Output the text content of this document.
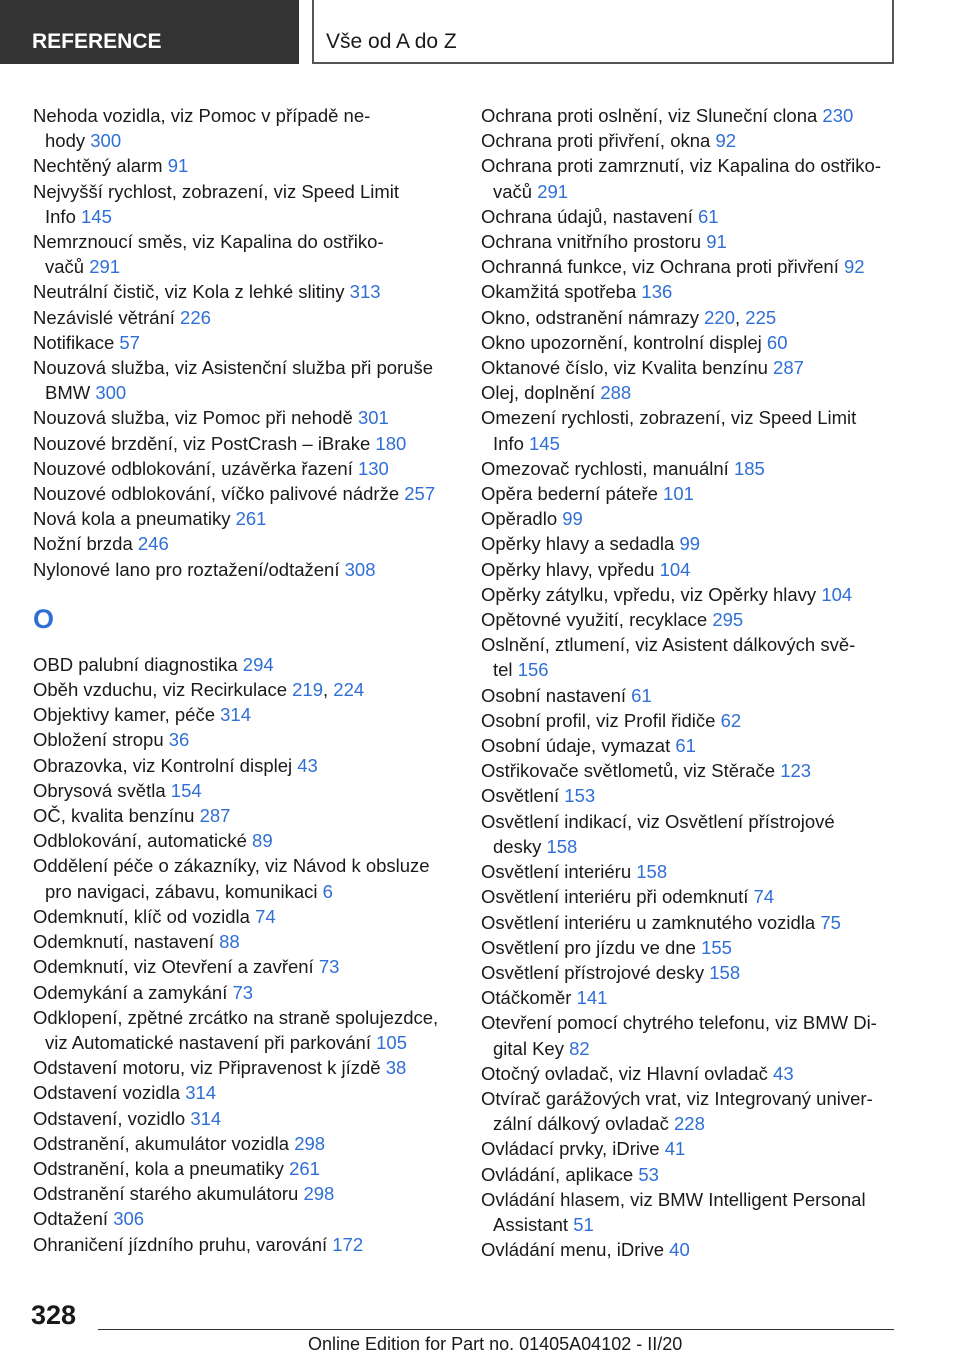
REFERENCE	Vše od A do Z
Nehoda vozidla, viz Pomoc v případě ne-
hody 300
Nechtěný alarm 91
Nejvyšší rychlost, zobrazení, viz Speed Limit
Info 145
Nemrznoucí směs, viz Kapalina do ostřiko-
vačů 291
Neutrální čistič, viz Kola z lehké slitiny 313
Nezávislé větrání 226
Notifikace 57
Nouzová služba, viz Asistenční služba při poruše
BMW 300
Nouzová služba, viz Pomoc při nehodě 301
Nouzové brzdění, viz PostCrash – iBrake 180
Nouzové odblokování, uzávěrka řazení 130
Nouzové odblokování, víčko palivové nádrže 257
Nová kola a pneumatiky 261
Nožní brzda 246
Nylonové lano pro roztažení/odtažení 308
O
OBD palubní diagnostika 294
Oběh vzduchu, viz Recirkulace 219, 224
Objektivy kamer, péče 314
Obložení stropu 36
Obrazovka, viz Kontrolní displej 43
Obrysová světla 154
OČ, kvalita benzínu 287
Odblokování, automatické 89
Oddělení péče o zákazníky, viz Návod k obsluze
pro navigaci, zábavu, komunikaci 6
Odemknutí, klíč od vozidla 74
Odemknutí, nastavení 88
Odemknutí, viz Otevření a zavření 73
Odemykání a zamykání 73
Odklopení, zpětné zrcátko na straně spolujezdce,
viz Automatické nastavení při parkování 105
Odstavení motoru, viz Připravenost k jízdě 38
Odstavení vozidla 314
Odstavení, vozidlo 314
Odstranění, akumulátor vozidla 298
Odstranění, kola a pneumatiky 261
Odstranění starého akumulátoru 298
Odtažení 306
Ohraničení jízdního pruhu, varování 172
Ochrana proti oslnění, viz Sluneční clona 230
Ochrana proti přivření, okna 92
Ochrana proti zamrznutí, viz Kapalina do ostřiko-
vačů 291
Ochrana údajů, nastavení 61
Ochrana vnitřního prostoru 91
Ochranná funkce, viz Ochrana proti přivření 92
Okamžitá spotřeba 136
Okno, odstranění námrazy 220, 225
Okno upozornění, kontrolní displej 60
Oktanové číslo, viz Kvalita benzínu 287
Olej, doplnění 288
Omezení rychlosti, zobrazení, viz Speed Limit
Info 145
Omezovač rychlosti, manuální 185
Opěra bederní páteře 101
Opěradlo 99
Opěrky hlavy a sedadla 99
Opěrky hlavy, vpředu 104
Opěrky zátylku, vpředu, viz Opěrky hlavy 104
Opětovné využití, recyklace 295
Oslnění, ztlumení, viz Asistent dálkových svě-
tel 156
Osobní nastavení 61
Osobní profil, viz Profil řidiče 62
Osobní údaje, vymazat 61
Ostřikovače světlometů, viz Stěrače 123
Osvětlení 153
Osvětlení indikací, viz Osvětlení přístrojové
desky 158
Osvětlení interiéru 158
Osvětlení interiéru při odemknutí 74
Osvětlení interiéru u zamknutého vozidla 75
Osvětlení pro jízdu ve dne 155
Osvětlení přístrojové desky 158
Otáčkoměr 141
Otevření pomocí chytrého telefonu, viz BMW Di-
gital Key 82
Otočný ovladač, viz Hlavní ovladač 43
Otvírač garážových vrat, viz Integrovaný univer-
zální dálkový ovladač 228
Ovládací prvky, iDrive 41
Ovládání, aplikace 53
Ovládání hlasem, viz BMW Intelligent Personal
Assistant 51
Ovládání menu, iDrive 40
328
Online Edition for Part no. 01405A04102 - II/20
